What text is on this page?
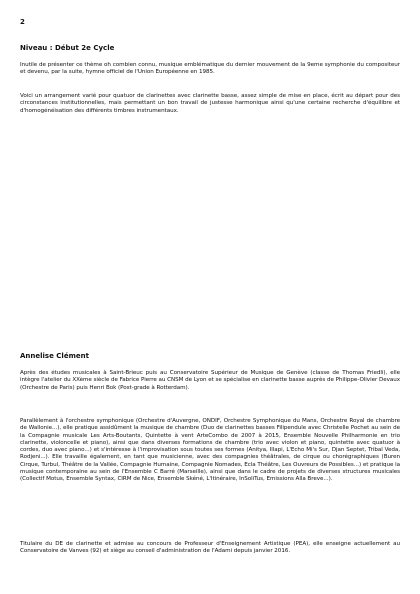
2
Niveau : Début 2e Cycle

Inutile de présenter ce thème oh combien connu, musique emblématique du dernier mouvement de la 9eme symphonie du compositeur et devenu, par la suite, hymne officiel de l'Union Européenne en 1985.

Voici un arrangement varié pour quatuor de clarinettes avec clarinette basse, assez simple de mise en place, écrit au départ pour des circonstances institutionnelles, mais permettant un bon travail de justesse harmonique ainsi qu'une certaine recherche d'équilibre et d'homogénéisation des différents timbres instrumentaux.

Annelise Clément

Après des études musicales à Saint-Brieuc puis au Conservatoire Supérieur de Musique de Genève (classe de Thomas Friedli), elle intègre l'atelier du XXème siècle de Fabrice Pierre au CNSM de Lyon et se spécialise en clarinette basse auprès de Philippe-Olivier Devaux (Orchestre de Paris) puis Henri Bok (Post-grade à Rotterdam).

Parallèlement à l'orchestre symphonique (Orchestre d'Auvergne, ONDIF, Orchestre Symphonique du Mans, Orchestre Royal de chambre de Wallonie...), elle pratique assidûment la musique de chambre (Duo de clarinettes basses Filipendule avec Christelle Pochet au sein de la Compagnie musicale Les Arts-Boutants, Quintette à vent ArteCombo de 2007 à 2015, Ensemble Nouvelle Philharmonie en trio clarinette, violoncelle et piano), ainsi que dans diverses formations de chambre (trio avec violon et piano, quintette avec quatuor à cordes, duo avec piano...) et s'intéresse à l'improvisation sous toutes ses formes (Anitya, Illapi, L'Echo Mi's Sur, Djan Septet, Tribal Veda, Rodjeni...). Elle travaille également, en tant que musicienne, avec des compagnies théâtrales, de cirque ou chorégraphiques (Buren Cirque, Turbul, Théâtre de la Vallée, Compagnie Humaine, Compagnie Nomades, Ecla Théâtre, Les Ouvreurs de Possibles...) et pratique la musique contemporaine au sein de l'Ensemble C Barré (Marseille), ainsi que dans le cadre de projets de diverses structures musicales (Collectif Motus, Ensemble Syntax, CIRM de Nice, Ensemble Skéné, L'Itinéraire, InSoliTus, Emissions Alla Breve...).

Titulaire du DE de clarinette et admise au concours de Professeur d'Enseignement Artistique (PEA), elle enseigne actuellement au Conservatoire de Vanves (92) et siège au conseil d'administration de l'Adami depuis janvier 2016.
